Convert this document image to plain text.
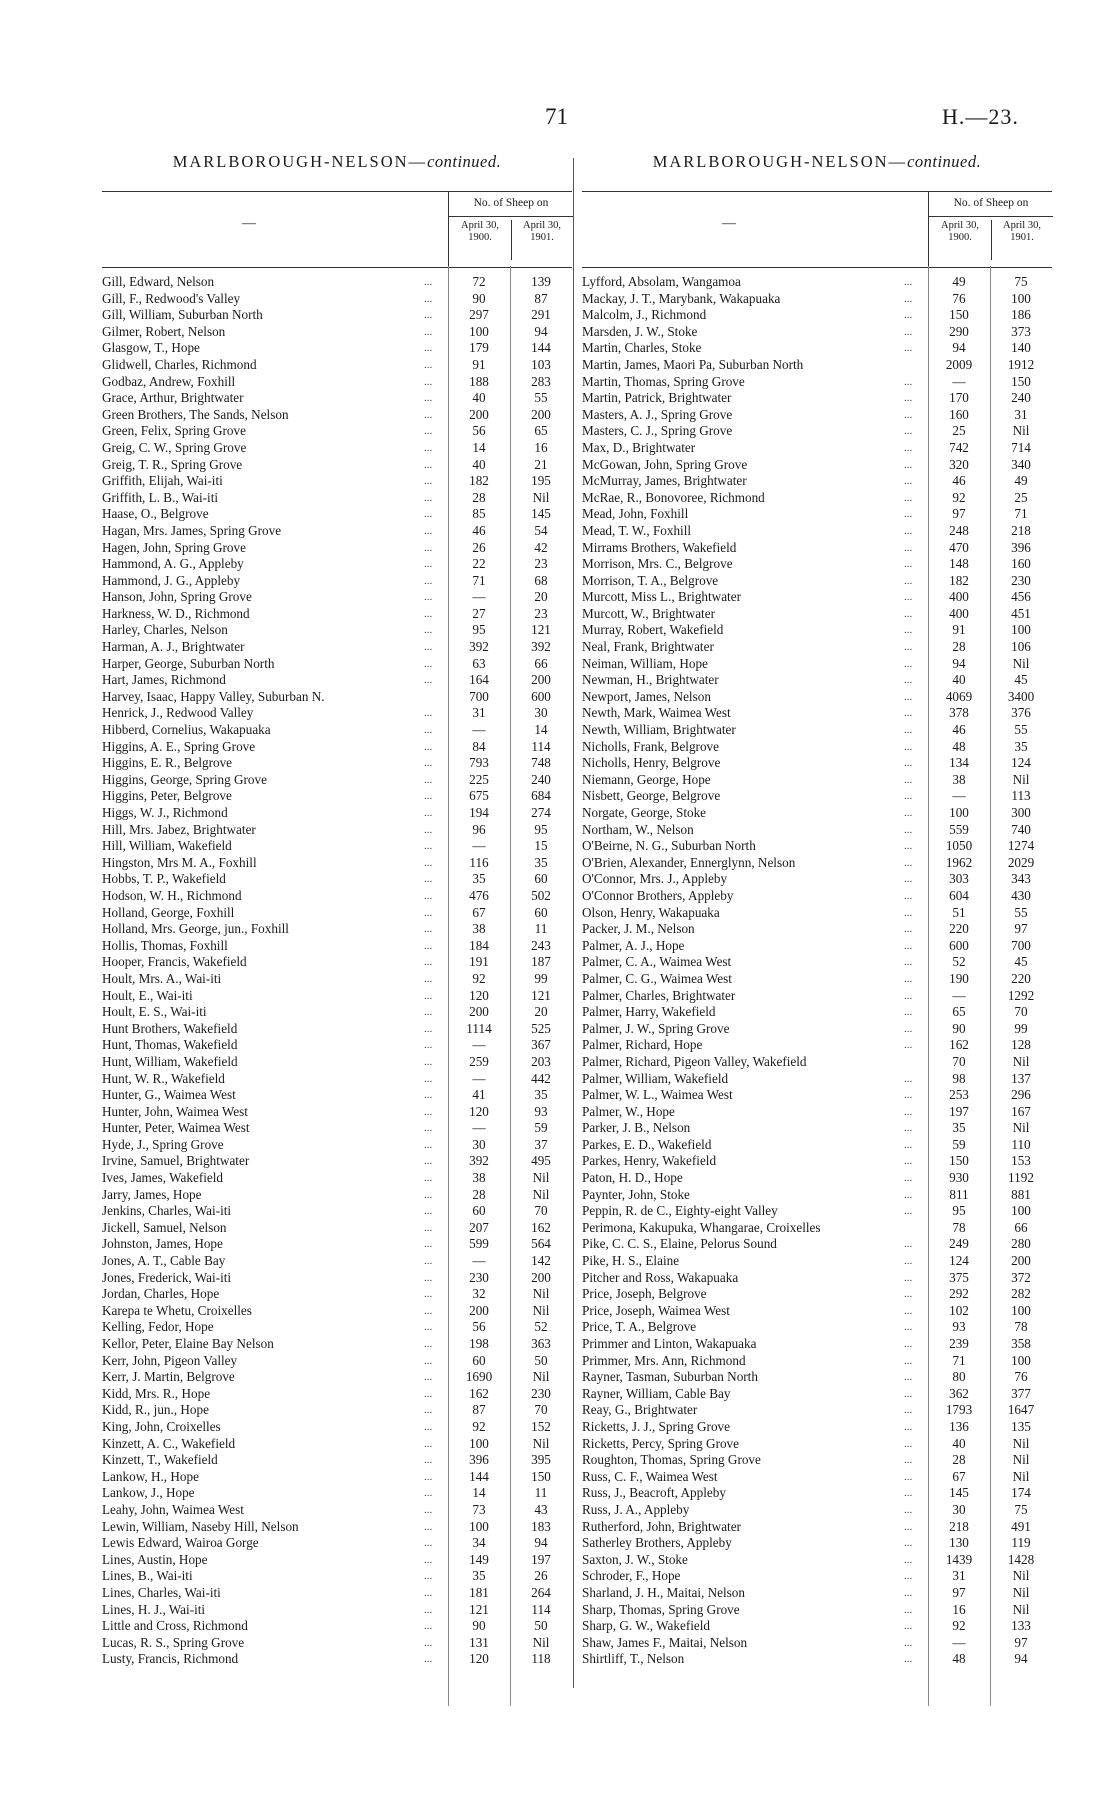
71	H.—23.
MARLBOROUGH-NELSON—continued.
—
No. of Sheep on
April 30,
1900.
April 30,
1901.
Gill, Edward, Nelson	72	139
...
Gill, F., Redwood's Valley	90	87
...
Gill, William, Suburban North	297	291
...
Gilmer, Robert, Nelson	100	94
...
Glasgow, T., Hope	179	144
...
Glidwell, Charles, Richmond	91	103
...
Godbaz, Andrew, Foxhill	188	283
...
Grace, Arthur, Brightwater	40	55
...
Green Brothers, The Sands, Nelson	200	200
...
Green, Felix, Spring Grove	56	65
...
Greig, C. W., Spring Grove	14	16
...
Greig, T. R., Spring Grove	40	21
...
Griffith, Elijah, Wai-iti	182	195
...
Griffith, L. B., Wai-iti	28	Nil
...
Haase, O., Belgrove	85	145
...
Hagan, Mrs. James, Spring Grove	46	54
...
Hagen, John, Spring Grove	26	42
...
Hammond, A. G., Appleby	22	23
...
Hammond, J. G., Appleby	71	68
...
Hanson, John, Spring Grove	—	20
...
Harkness, W. D., Richmond	27	23
...
Harley, Charles, Nelson	95	121
...
Harman, A. J., Brightwater	392	392
...
Harper, George, Suburban North	63	66
...
Hart, James, Richmond	164	200
...
Harvey, Isaac, Happy Valley, Suburban N.	700	600
Henrick, J., Redwood Valley	31	30
...
Hibberd, Cornelius, Wakapuaka	—	14
...
Higgins, A. E., Spring Grove	84	114
...
Higgins, E. R., Belgrove	793	748
...
Higgins, George, Spring Grove	225	240
...
Higgins, Peter, Belgrove	675	684
...
Higgs, W. J., Richmond	194	274
...
Hill, Mrs. Jabez, Brightwater	96	95
...
Hill, William, Wakefield	—	15
...
Hingston, Mrs M. A., Foxhill	116	35
...
Hobbs, T. P., Wakefield	35	60
...
Hodson, W. H., Richmond	476	502
...
Holland, George, Foxhill	67	60
...
Holland, Mrs. George, jun., Foxhill	38	11
...
Hollis, Thomas, Foxhill	184	243
...
Hooper, Francis, Wakefield	191	187
...
Hoult, Mrs. A., Wai-iti	92	99
...
Hoult, E., Wai-iti	120	121
...
Hoult, E. S., Wai-iti	200	20
...
Hunt Brothers, Wakefield	1114	525
...
Hunt, Thomas, Wakefield	—	367
...
Hunt, William, Wakefield	259	203
...
Hunt, W. R., Wakefield	—	442
...
Hunter, G., Waimea West	41	35
...
Hunter, John, Waimea West	120	93
...
Hunter, Peter, Waimea West	—	59
...
Hyde, J., Spring Grove	30	37
...
Irvine, Samuel, Brightwater	392	495
...
Ives, James, Wakefield	38	Nil
...
Jarry, James, Hope	28	Nil
...
Jenkins, Charles, Wai-iti	60	70
...
Jickell, Samuel, Nelson	207	162
...
Johnston, James, Hope	599	564
...
Jones, A. T., Cable Bay	—	142
...
Jones, Frederick, Wai-iti	230	200
...
Jordan, Charles, Hope	32	Nil
...
Karepa te Whetu, Croixelles	200	Nil
...
Kelling, Fedor, Hope	56	52
...
Kellor, Peter, Elaine Bay Nelson	198	363
...
Kerr, John, Pigeon Valley	60	50
...
Kerr, J. Martin, Belgrove	1690	Nil
...
Kidd, Mrs. R., Hope	162	230
...
Kidd, R., jun., Hope	87	70
...
King, John, Croixelles	92	152
...
Kinzett, A. C., Wakefield	100	Nil
...
Kinzett, T., Wakefield	396	395
...
Lankow, H., Hope	144	150
...
Lankow, J., Hope	14	11
...
Leahy, John, Waimea West	73	43
...
Lewin, William, Naseby Hill, Nelson	100	183
...
Lewis Edward, Wairoa Gorge	34	94
...
Lines, Austin, Hope	149	197
...
Lines, B., Wai-iti	35	26
...
Lines, Charles, Wai-iti	181	264
...
Lines, H. J., Wai-iti	121	114
...
Little and Cross, Richmond	90	50
...
Lucas, R. S., Spring Grove	131	Nil
...
Lusty, Francis, Richmond	120	118
...
MARLBOROUGH-NELSON—continued.
—
No. of Sheep on
April 30,
1900.
April 30,
1901.
Lyfford, Absolam, Wangamoa	49	75
...
Mackay, J. T., Marybank, Wakapuaka	76	100
...
Malcolm, J., Richmond	150	186
...
Marsden, J. W., Stoke	290	373
...
Martin, Charles, Stoke	94	140
...
Martin, James, Maori Pa, Suburban North	2009	1912
Martin, Thomas, Spring Grove	—	150
...
Martin, Patrick, Brightwater	170	240
...
Masters, A. J., Spring Grove	160	31
...
Masters, C. J., Spring Grove	25	Nil
...
Max, D., Brightwater	742	714
...
McGowan, John, Spring Grove	320	340
...
McMurray, James, Brightwater	46	49
...
McRae, R., Bonovoree, Richmond	92	25
...
Mead, John, Foxhill	97	71
...
Mead, T. W., Foxhill	248	218
...
Mirrams Brothers, Wakefield	470	396
...
Morrison, Mrs. C., Belgrove	148	160
...
Morrison, T. A., Belgrove	182	230
...
Murcott, Miss L., Brightwater	400	456
...
Murcott, W., Brightwater	400	451
...
Murray, Robert, Wakefield	91	100
...
Neal, Frank, Brightwater	28	106
...
Neiman, William, Hope	94	Nil
...
Newman, H., Brightwater	40	45
...
Newport, James, Nelson	4069	3400
...
Newth, Mark, Waimea West	378	376
...
Newth, William, Brightwater	46	55
...
Nicholls, Frank, Belgrove	48	35
...
Nicholls, Henry, Belgrove	134	124
...
Niemann, George, Hope	38	Nil
...
Nisbett, George, Belgrove	—	113
...
Norgate, George, Stoke	100	300
...
Northam, W., Nelson	559	740
...
O'Beirne, N. G., Suburban North	1050	1274
...
O'Brien, Alexander, Ennerglynn, Nelson	1962	2029
...
O'Connor, Mrs. J., Appleby	303	343
...
O'Connor Brothers, Appleby	604	430
...
Olson, Henry, Wakapuaka	51	55
...
Packer, J. M., Nelson	220	97
...
Palmer, A. J., Hope	600	700
...
Palmer, C. A., Waimea West	52	45
...
Palmer, C. G., Waimea West	190	220
...
Palmer, Charles, Brightwater	—	1292
...
Palmer, Harry, Wakefield	65	70
...
Palmer, J. W., Spring Grove	90	99
...
Palmer, Richard, Hope	162	128
...
Palmer, Richard, Pigeon Valley, Wakefield	70	Nil
Palmer, William, Wakefield	98	137
...
Palmer, W. L., Waimea West	253	296
...
Palmer, W., Hope	197	167
...
Parker, J. B., Nelson	35	Nil
...
Parkes, E. D., Wakefield	59	110
...
Parkes, Henry, Wakefield	150	153
...
Paton, H. D., Hope	930	1192
...
Paynter, John, Stoke	811	881
...
Peppin, R. de C., Eighty-eight Valley	95	100
...
Perimona, Kakupuka, Whangarae, Croixelles	78	66
Pike, C. C. S., Elaine, Pelorus Sound	249	280
...
Pike, H. S., Elaine	124	200
...
Pitcher and Ross, Wakapuaka	375	372
...
Price, Joseph, Belgrove	292	282
...
Price, Joseph, Waimea West	102	100
...
Price, T. A., Belgrove	93	78
...
Primmer and Linton, Wakapuaka	239	358
...
Primmer, Mrs. Ann, Richmond	71	100
...
Rayner, Tasman, Suburban North	80	76
...
Rayner, William, Cable Bay	362	377
...
Reay, G., Brightwater	1793	1647
...
Ricketts, J. J., Spring Grove	136	135
...
Ricketts, Percy, Spring Grove	40	Nil
...
Roughton, Thomas, Spring Grove	28	Nil
...
Russ, C. F., Waimea West	67	Nil
...
Russ, J., Beacroft, Appleby	145	174
...
Russ, J. A., Appleby	30	75
...
Rutherford, John, Brightwater	218	491
...
Satherley Brothers, Appleby	130	119
...
Saxton, J. W., Stoke	1439	1428
...
Schroder, F., Hope	31	Nil
...
Sharland, J. H., Maitai, Nelson	97	Nil
...
Sharp, Thomas, Spring Grove	16	Nil
...
Sharp, G. W., Wakefield	92	133
...
Shaw, James F., Maitai, Nelson	—	97
...
Shirtliff, T., Nelson	48	94
...
